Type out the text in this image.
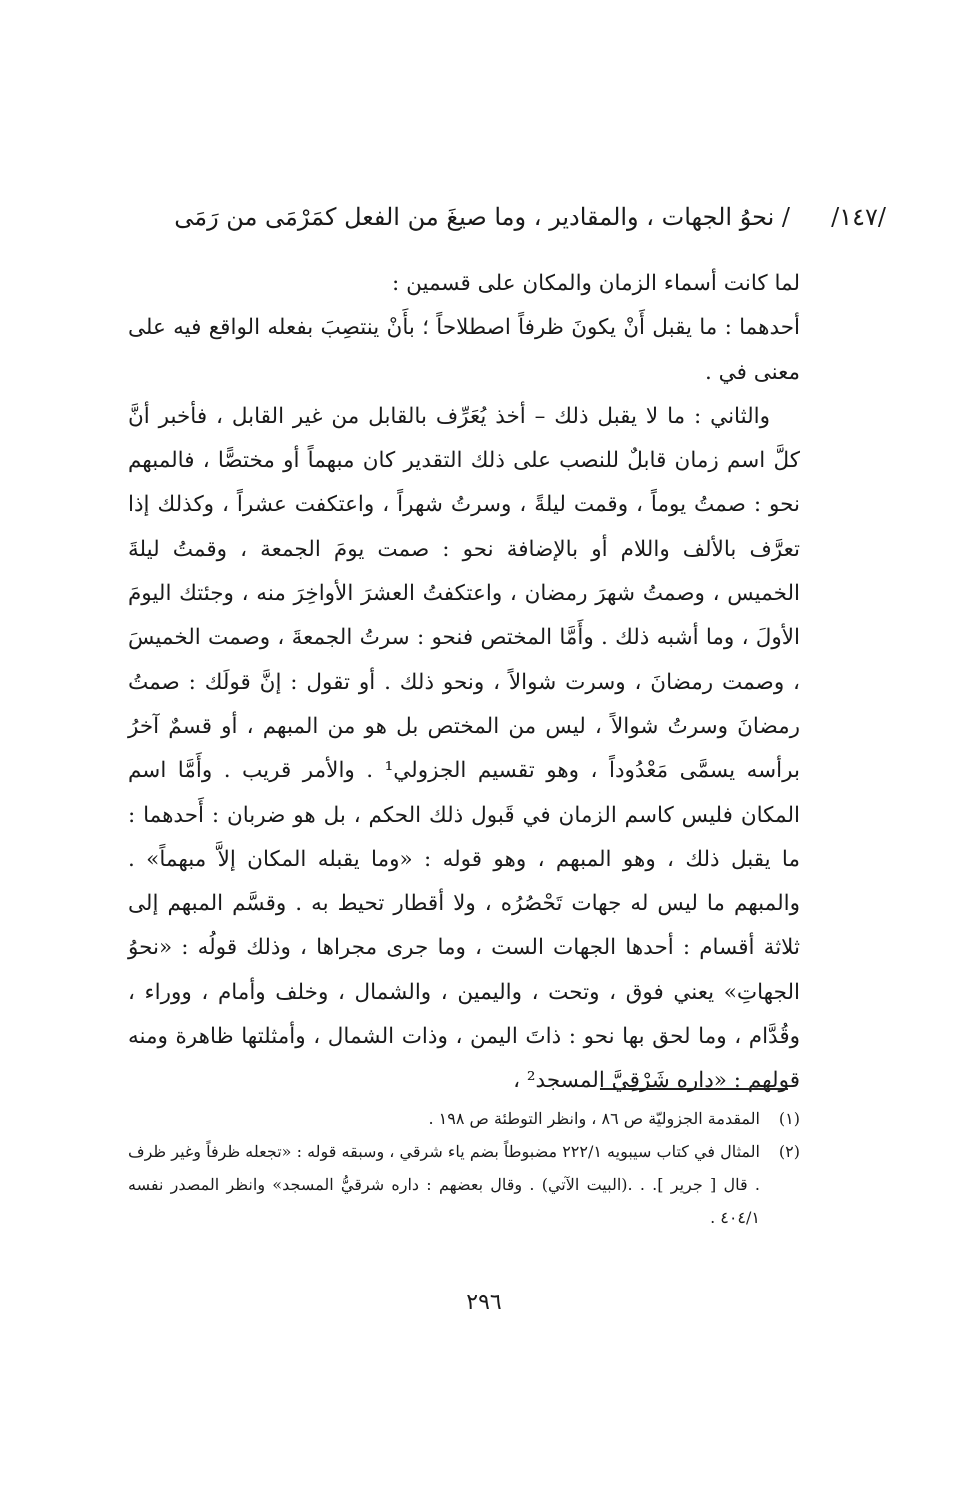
/١٤٧/
/ نحوُ الجهات ، والمقادير ، وما صيغَ من الفعل كمَرْمَى من رَمَى

لما كانت أسماء الزمان والمكان على قسمين :

أحدهما : ما يقبل أَنْ يكونَ ظرفاً اصطلاحاً ؛ بأَنْ ينتصِبَ بفعله الواقع فيه على معنى في .

والثاني : ما لا يقبل ذلك – أخذ يُعَرِّف بالقابل من غير القابل ، فأخبر أنَّ كلَّ اسم زمان قابلٌ للنصب على ذلك التقدير كان مبهماً أو مختصًّا ، فالمبهم نحو : صمتُ يوماً ، وقمت ليلةً ، وسرتُ شهراً ، واعتكفت عشراً ، وكذلك إذا تعرَّف بالألف واللام أو بالإضافة نحو : صمت يومَ الجمعة ، وقمتُ ليلةَ الخميس ، وصمتُ شهرَ رمضان ، واعتكفتُ العشرَ الأواخِرَ منه ، وجئتك اليومَ الأولَ ، وما أشبه ذلك . وأَمَّا المختص فنحو : سرتُ الجمعةَ ، وصمت الخميسَ ، وصمت رمضانَ ، وسرت شوالاً ، ونحو ذلك . أو تقول : إنَّ قولَك : صمتُ رمضانَ وسرتُ شوالاً ، ليس من المختص بل هو من المبهم ، أو قسمٌ آخرُ برأسه يسمَّى مَعْدُوداً ، وهو تقسيم الجزولي¹ . والأمر قريب . وأَمَّا اسم المكان فليس كاسم الزمان في قَبول ذلك الحكم ، بل هو ضربان : أَحدهما : ما يقبل ذلك ، وهو المبهم ، وهو قوله : «وما يقبله المكان إلاَّ مبهماً» . والمبهم ما ليس له جهات تَحْصُرُه ، ولا أقطار تحيط به . وقسَّم المبهم إلى ثلاثة أقسام : أحدها الجهات الست ، وما جرى مجراها ، وذلك قولُه : «نحوُ الجهاتِ» يعني فوق ، وتحت ، واليمين ، والشمال ، وخلف وأمام ، ووراء ، وقُدَّام ، وما لحق بها نحو : ذاتَ اليمن ، وذات الشمال ، وأمثلتها ظاهرة ومنه قولهم : «داره شَرْقِيَّ المسجد² ،

(١)
المقدمة الجزوليّة ص ٨٦ ، وانظر التوطئة ص ١٩٨ .
(٢)
المثال في كتاب سيبويه ٢٢٢/١ مضبوطاً بضم ياء شرقي ، وسبقه قوله : «تجعله ظرفاً وغير ظرف . قال [ جرير ]. . .(البيت الآتي) . وقال بعضهم : داره شرقيُّ المسجد» وانظر المصدر نفسه ٤٠٤/١ .
٢٩٦
